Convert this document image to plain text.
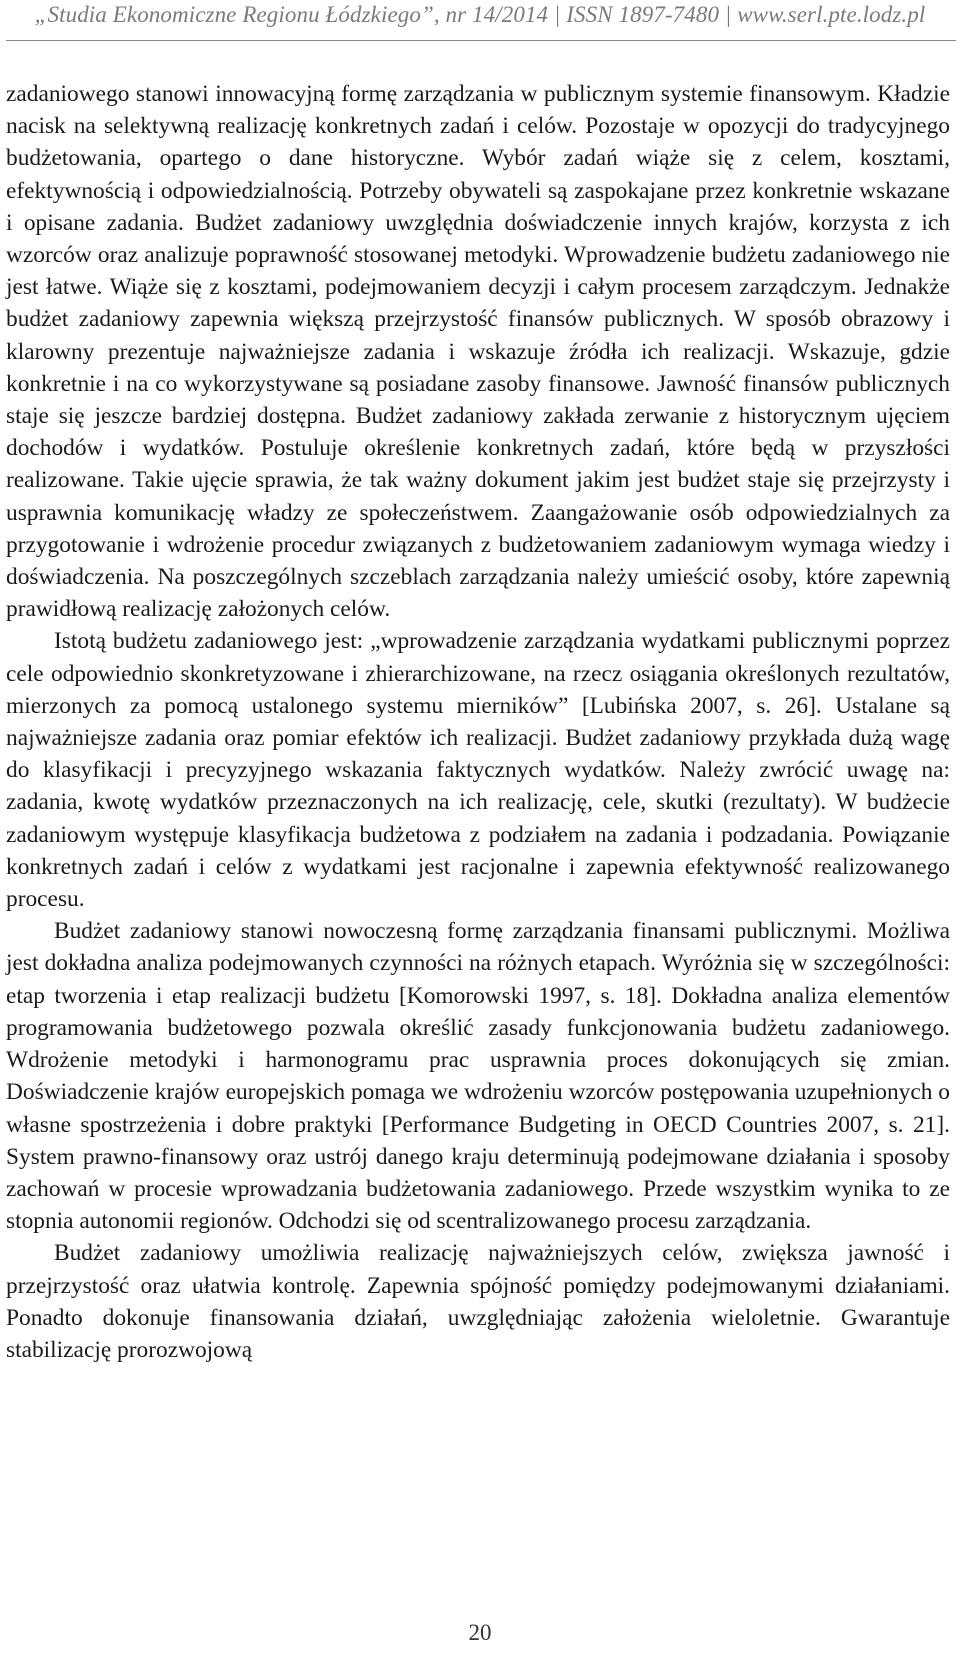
„Studia Ekonomiczne Regionu Łódzkiego”, nr 14/2014 | ISSN 1897-7480 | www.serl.pte.lodz.pl

zadaniowego stanowi innowacyjną formę zarządzania w publicznym systemie finansowym. Kładzie nacisk na selektywną realizację konkretnych zadań i celów. Pozostaje w opozycji do tradycyjnego budżetowania, opartego o dane historyczne. Wybór zadań wiąże się z celem, kosztami, efektywnością i odpowiedzialnością. Potrzeby obywateli są zaspokajane przez konkretnie wskazane i opisane zadania. Budżet zadaniowy uwzględnia doświadczenie innych krajów, korzysta z ich wzorców oraz analizuje poprawność stosowanej metodyki. Wprowadzenie budżetu zadaniowego nie jest łatwe. Wiąże się z kosztami, podejmowaniem decyzji i całym procesem zarządczym. Jednakże budżet zadaniowy zapewnia większą przejrzystość finansów publicznych. W sposób obrazowy i klarowny prezentuje najważniejsze zadania i wskazuje źródła ich realizacji. Wskazuje, gdzie konkretnie i na co wykorzystywane są posiadane zasoby finansowe. Jawność finansów publicznych staje się jeszcze bardziej dostępna. Budżet zadaniowy zakłada zerwanie z historycznym ujęciem dochodów i wydatków. Postuluje określenie konkretnych zadań, które będą w przyszłości realizowane. Takie ujęcie sprawia, że tak ważny dokument jakim jest budżet staje się przejrzysty i usprawnia komunikację władzy ze społeczeństwem. Zaangażowanie osób odpowiedzialnych za przygotowanie i wdrożenie procedur związanych z budżetowaniem zadaniowym wymaga wiedzy i doświadczenia. Na poszczególnych szczeblach zarządzania należy umieścić osoby, które zapewnią prawidłową realizację założonych celów.

Istotą budżetu zadaniowego jest: „wprowadzenie zarządzania wydatkami publicznymi poprzez cele odpowiednio skonkretyzowane i zhierarchizowane, na rzecz osiągania określonych rezultatów, mierzonych za pomocą ustalonego systemu mierników” [Lubińska 2007, s. 26]. Ustalane są najważniejsze zadania oraz pomiar efektów ich realizacji. Budżet zadaniowy przykłada dużą wagę do klasyfikacji i precyzyjnego wskazania faktycznych wydatków. Należy zwrócić uwagę na: zadania, kwotę wydatków przeznaczonych na ich realizację, cele, skutki (rezultaty). W budżecie zadaniowym występuje klasyfikacja budżetowa z podziałem na zadania i podzadania. Powiązanie konkretnych zadań i celów z wydatkami jest racjonalne i zapewnia efektywność realizowanego procesu.

Budżet zadaniowy stanowi nowoczesną formę zarządzania finansami publicznymi. Możliwa jest dokładna analiza podejmowanych czynności na różnych etapach. Wyróżnia się w szczególności: etap tworzenia i etap realizacji budżetu [Komorowski 1997, s. 18]. Dokładna analiza elementów programowania budżetowego pozwala określić zasady funkcjonowania budżetu zadaniowego. Wdrożenie metodyki i harmonogramu prac usprawnia proces dokonujących się zmian. Doświadczenie krajów europejskich pomaga we wdrożeniu wzorców postępowania uzupełnionych o własne spostrzeżenia i dobre praktyki [Performance Budgeting in OECD Countries 2007, s. 21]. System prawno-finansowy oraz ustrój danego kraju determinują podejmowane działania i sposoby zachowań w procesie wprowadzania budżetowania zadaniowego. Przede wszystkim wynika to ze stopnia autonomii regionów. Odchodzi się od scentralizowanego procesu zarządzania.

Budżet zadaniowy umożliwia realizację najważniejszych celów, zwiększa jawność i przejrzystość oraz ułatwia kontrolę. Zapewnia spójność pomiędzy podejmowanymi działaniami. Ponadto dokonuje finansowania działań, uwzględniając założenia wieloletnie. Gwarantuje stabilizację prorozwojową

20
